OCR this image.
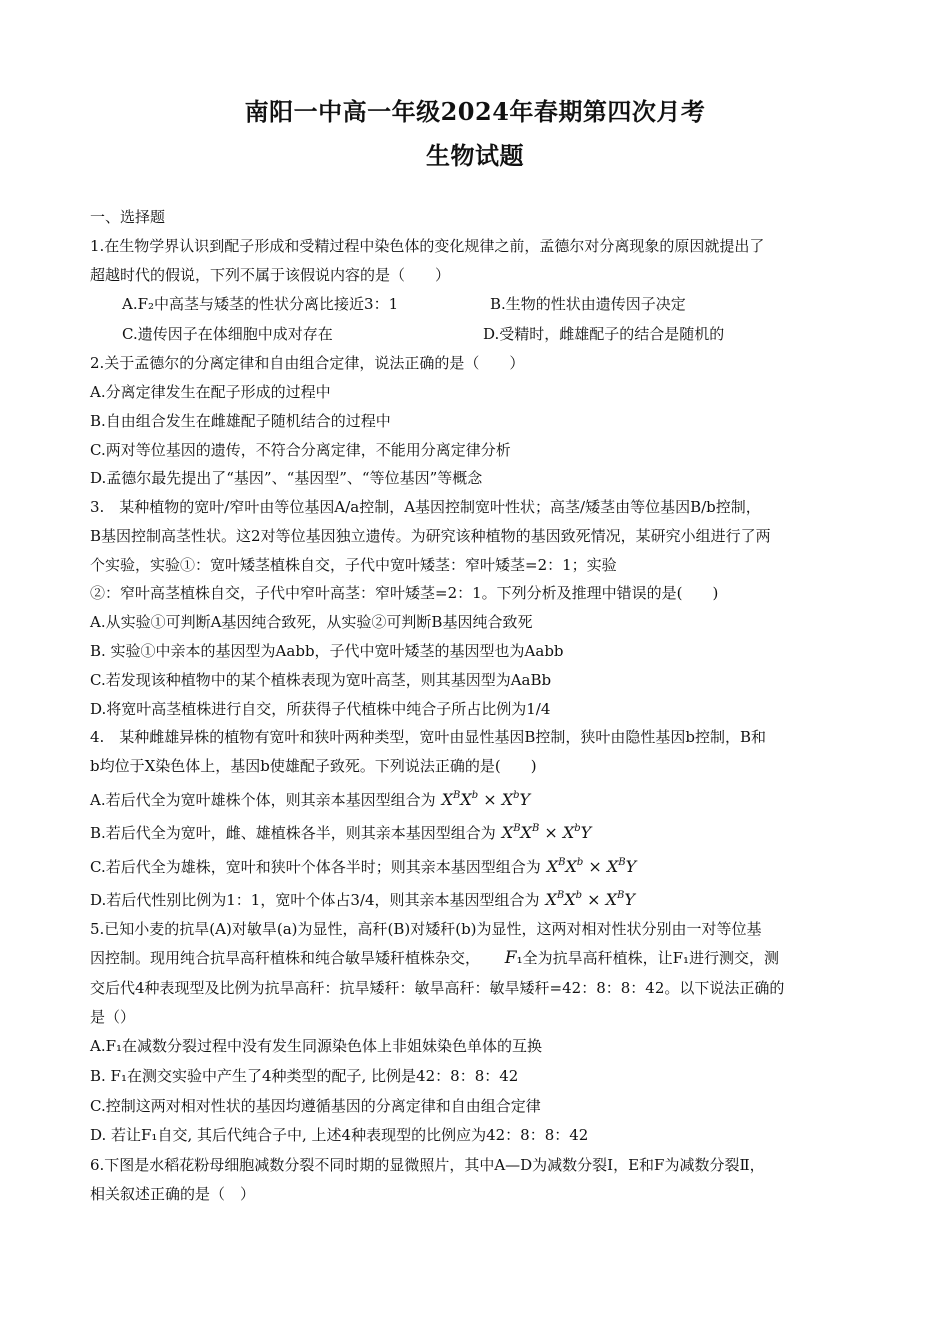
南阳一中高一年级2024年春期第四次月考
生物试题
一、选择题
1.在生物学界认识到配子形成和受精过程中染色体的变化规律之前，孟德尔对分离现象的原因就提出了
超越时代的假说，下列不属于该假说内容的是（　　）
A.F₂中高茎与矮茎的性状分离比接近3：1	B.生物的性状由遗传因子决定
C.遗传因子在体细胞中成对存在	D.受精时，雌雄配子的结合是随机的
2.关于孟德尔的分离定律和自由组合定律，说法正确的是（　　）
A.分离定律发生在配子形成的过程中
B.自由组合发生在雌雄配子随机结合的过程中
C.两对等位基因的遗传，不符合分离定律，不能用分离定律分析
D.孟德尔最先提出了“基因”、“基因型”、“等位基因”等概念
3.　某种植物的宽叶/窄叶由等位基因A/a控制，A基因控制宽叶性状；高茎/矮茎由等位基因B/b控制，
B基因控制高茎性状。这2对等位基因独立遗传。为研究该种植物的基因致死情况，某研究小组进行了两
个实验，实验①：宽叶矮茎植株自交，子代中宽叶矮茎：窄叶矮茎=2：1；实验
②：窄叶高茎植株自交，子代中窄叶高茎：窄叶矮茎=2：1。下列分析及推理中错误的是(　　)
A.从实验①可判断A基因纯合致死，从实验②可判断B基因纯合致死
B. 实验①中亲本的基因型为Aabb，子代中宽叶矮茎的基因型也为Aabb
C.若发现该种植物中的某个植株表现为宽叶高茎，则其基因型为AaBb
D.将宽叶高茎植株进行自交，所获得子代植株中纯合子所占比例为1/4
4.　某种雌雄异株的植物有宽叶和狭叶两种类型，宽叶由显性基因B控制，狭叶由隐性基因b控制，B和
b均位于X染色体上，基因b使雄配子致死。下列说法正确的是(　　)
A.若后代全为宽叶雄株个体，则其亲本基因型组合为 $X^BX^b \times X^bY$
B.若后代全为宽叶，雌、雄植株各半，则其亲本基因型组合为 $X^BX^B \times X^bY$
C.若后代全为雄株，宽叶和狭叶个体各半时；则其亲本基因型组合为 $X^BX^b \times X^BY$
D.若后代性别比例为1：1，宽叶个体占3/4，则其亲本基因型组合为 $X^BX^b \times X^BY$
5.已知小麦的抗旱(A)对敏旱(a)为显性，高秆(B)对矮秆(b)为显性，这两对相对性状分别由一对等位基
因控制。现用纯合抗旱高秆植株和纯合敏旱矮秆植株杂交， F₁全为抗旱高秆植株，让F₁进行测交，测
交后代4种表现型及比例为抗旱高秆：抗旱矮秆：敏旱高秆：敏旱矮秆=42：8：8：42。以下说法正确的
是（）
A.F₁在减数分裂过程中没有发生同源染色体上非姐妹染色单体的互换
B. F₁在测交实验中产生了4种类型的配子, 比例是42：8：8：42
C.控制这两对相对性状的基因均遵循基因的分离定律和自由组合定律
D. 若让F₁自交, 其后代纯合子中, 上述4种表现型的比例应为42：8：8：42
6.下图是水稻花粉母细胞减数分裂不同时期的显微照片，其中A—D为减数分裂Ⅰ，E和F为减数分裂Ⅱ，
相关叙述正确的是（　）
